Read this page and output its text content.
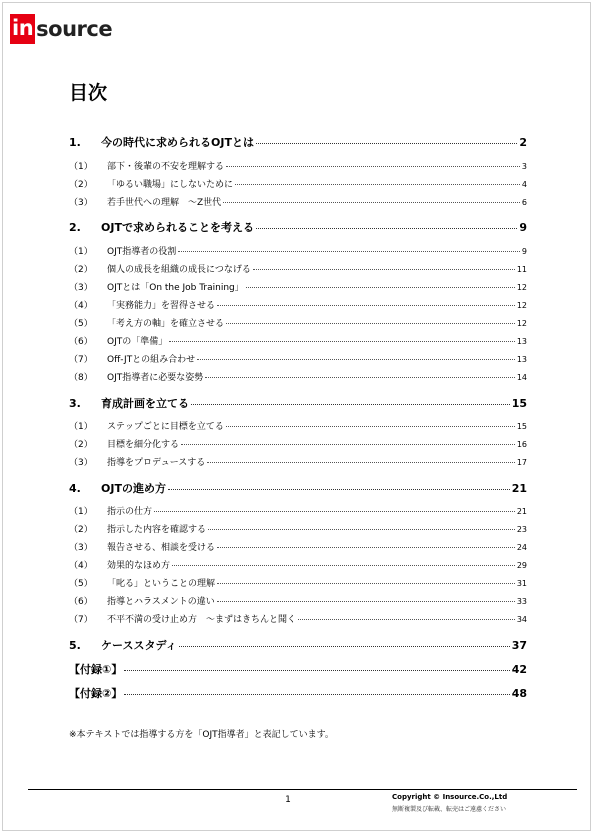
in source
目次
1.	今の時代に求められるOJTとは	2
（1）	部下・後輩の不安を理解する	3
（2）	「ゆるい職場」にしないために	4
（3）	若手世代への理解　～Z世代	6
2.	OJTで求められることを考える	9
（1）	OJT指導者の役割	9
（2）	個人の成長を組織の成長につなげる	11
（3）	OJTとは「On the Job Training」	12
（4）	「実務能力」を習得させる	12
（5）	「考え方の軸」を確立させる	12
（6）	OJTの「準備」	13
（7）	Off-JTとの組み合わせ	13
（8）	OJT指導者に必要な姿勢	14
3.	育成計画を立てる	15
（1）	ステップごとに目標を立てる	15
（2）	目標を細分化する	16
（3）	指導をプロデュースする	17
4.	OJTの進め方	21
（1）	指示の仕方	21
（2）	指示した内容を確認する	23
（3）	報告させる、相談を受ける	24
（4）	効果的なほめ方	29
（5）	「叱る」ということの理解	31
（6）	指導とハラスメントの違い	33
（7）	不平不満の受け止め方　～まずはきちんと聞く	34
5.	ケーススタディ	37
【付録①】	42
【付録②】	48

※本テキストでは指導する方を「OJT指導者」と表記しています。

1	Copyright © Insource.Co.,Ltd
無断複製及び転載、転売はご遠慮ください
